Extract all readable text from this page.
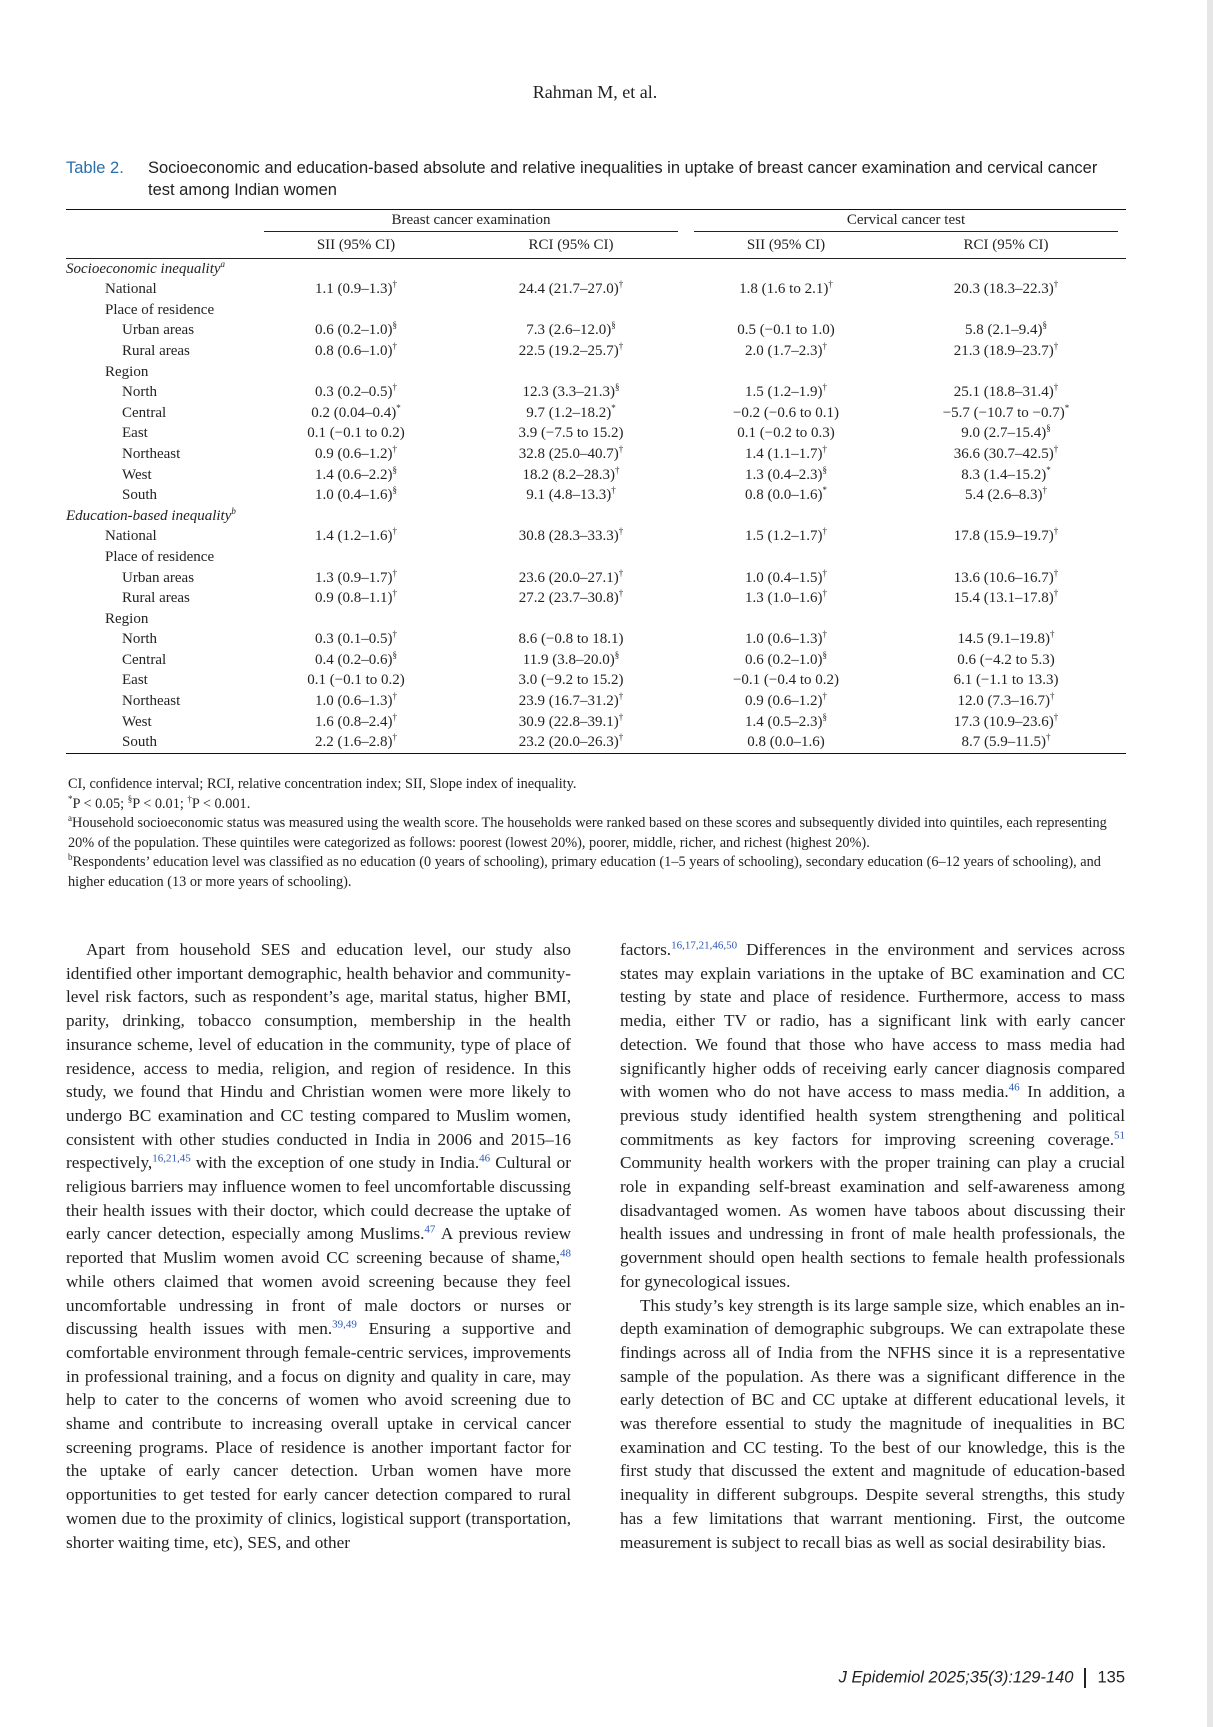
Rahman M, et al.
Table 2. Socioeconomic and education-based absolute and relative inequalities in uptake of breast cancer examination and cervical cancer test among Indian women

	Breast cancer examination		Cervical cancer test	

	SII (95% CI)	RCI (95% CI)	SII (95% CI)	RCI (95% CI)
Socioeconomic inequality$^a$				
National	1.1 (0.9–1.3)†	24.4 (21.7–27.0)†	1.8 (1.6 to 2.1)†	20.3 (18.3–22.3)†
Place of residence				
Urban areas	0.6 (0.2–1.0)§	7.3 (2.6–12.0)§	0.5 (−0.1 to 1.0)	5.8 (2.1–9.4)§
Rural areas	0.8 (0.6–1.0)†	22.5 (19.2–25.7)†	2.0 (1.7–2.3)†	21.3 (18.9–23.7)†
Region				
North	0.3 (0.2–0.5)†	12.3 (3.3–21.3)§	1.5 (1.2–1.9)†	25.1 (18.8–31.4)†
Central	0.2 (0.04–0.4)*	9.7 (1.2–18.2)*	−0.2 (−0.6 to 0.1)	−5.7 (−10.7 to −0.7)*
East	0.1 (−0.1 to 0.2)	3.9 (−7.5 to 15.2)	0.1 (−0.2 to 0.3)	9.0 (2.7–15.4)§
Northeast	0.9 (0.6–1.2)†	32.8 (25.0–40.7)†	1.4 (1.1–1.7)†	36.6 (30.7–42.5)†
West	1.4 (0.6–2.2)§	18.2 (8.2–28.3)†	1.3 (0.4–2.3)§	8.3 (1.4–15.2)*
South	1.0 (0.4–1.6)§	9.1 (4.8–13.3)†	0.8 (0.0–1.6)*	5.4 (2.6–8.3)†
Education-based inequality$^b$				
National	1.4 (1.2–1.6)†	30.8 (28.3–33.3)†	1.5 (1.2–1.7)†	17.8 (15.9–19.7)†
Place of residence				
Urban areas	1.3 (0.9–1.7)†	23.6 (20.0–27.1)†	1.0 (0.4–1.5)†	13.6 (10.6–16.7)†
Rural areas	0.9 (0.8–1.1)†	27.2 (23.7–30.8)†	1.3 (1.0–1.6)†	15.4 (13.1–17.8)†
Region				
North	0.3 (0.1–0.5)†	8.6 (−0.8 to 18.1)	1.0 (0.6–1.3)†	14.5 (9.1–19.8)†
Central	0.4 (0.2–0.6)§	11.9 (3.8–20.0)§	0.6 (0.2–1.0)§	0.6 (−4.2 to 5.3)
East	0.1 (−0.1 to 0.2)	3.0 (−9.2 to 15.2)	−0.1 (−0.4 to 0.2)	6.1 (−1.1 to 13.3)
Northeast	1.0 (0.6–1.3)†	23.9 (16.7–31.2)†	0.9 (0.6–1.2)†	12.0 (7.3–16.7)†
West	1.6 (0.8–2.4)†	30.9 (22.8–39.1)†	1.4 (0.5–2.3)§	17.3 (10.9–23.6)†
South	2.2 (1.6–2.8)†	23.2 (20.0–26.3)†	0.8 (0.0–1.6)	8.7 (5.9–11.5)†
CI, confidence interval; RCI, relative concentration index; SII, Slope index of inequality.
*P < 0.05; §P < 0.01; †P < 0.001.
$^a$Household socioeconomic status was measured using the wealth score. The households were ranked based on these scores and subsequently divided into quintiles, each representing 20% of the population. These quintiles were categorized as follows: poorest (lowest 20%), poorer, middle, richer, and richest (highest 20%).
$^b$Respondents’ education level was classified as no education (0 years of schooling), primary education (1–5 years of schooling), secondary education (6–12 years of schooling), and higher education (13 or more years of schooling).

Apart from household SES and education level, our study also identified other important demographic, health behavior and community-level risk factors, such as respondent’s age, marital status, higher BMI, parity, drinking, tobacco consumption, membership in the health insurance scheme, level of education in the community, type of place of residence, access to media, religion, and region of residence. In this study, we found that Hindu and Christian women were more likely to undergo BC examination and CC testing compared to Muslim women, consistent with other studies conducted in India in 2006 and 2015–16 respectively,$^{16,21,45}$ with the exception of one study in India.$^{46}$ Cultural or religious barriers may influence women to feel uncomfortable discussing their health issues with their doctor, which could decrease the uptake of early cancer detection, especially among Muslims.$^{47}$ A previous review reported that Muslim women avoid CC screening because of shame,$^{48}$ while others claimed that women avoid screening because they feel uncomfortable undressing in front of male doctors or nurses or discussing health issues with men.$^{39,49}$ Ensuring a supportive and comfortable environment through female-centric services, improvements in professional training, and a focus on dignity and quality in care, may help to cater to the concerns of women who avoid screening due to shame and contribute to increasing overall uptake in cervical cancer screening programs. Place of residence is another important factor for the uptake of early cancer detection. Urban women have more opportunities to get tested for early cancer detection compared to rural women due to the proximity of clinics, logistical support (transportation, shorter waiting time, etc), SES, and other

factors.$^{16,17,21,46,50}$ Differences in the environment and services across states may explain variations in the uptake of BC examination and CC testing by state and place of residence. Furthermore, access to mass media, either TV or radio, has a significant link with early cancer detection. We found that those who have access to mass media had significantly higher odds of receiving early cancer diagnosis compared with women who do not have access to mass media.$^{46}$ In addition, a previous study identified health system strengthening and political commitments as key factors for improving screening coverage.$^{51}$ Community health workers with the proper training can play a crucial role in expanding self-breast examination and self-awareness among disadvantaged women. As women have taboos about discussing their health issues and undressing in front of male health professionals, the government should open health sections to female health professionals for gynecological issues.

This study’s key strength is its large sample size, which enables an in-depth examination of demographic subgroups. We can extrapolate these findings across all of India from the NFHS since it is a representative sample of the population. As there was a significant difference in the early detection of BC and CC uptake at different educational levels, it was therefore essential to study the magnitude of inequalities in BC examination and CC testing. To the best of our knowledge, this is the first study that discussed the extent and magnitude of education-based inequality in different subgroups. Despite several strengths, this study has a few limitations that warrant mentioning. First, the outcome measurement is subject to recall bias as well as social desirability bias.

J Epidemiol 2025;35(3):129-140 135
